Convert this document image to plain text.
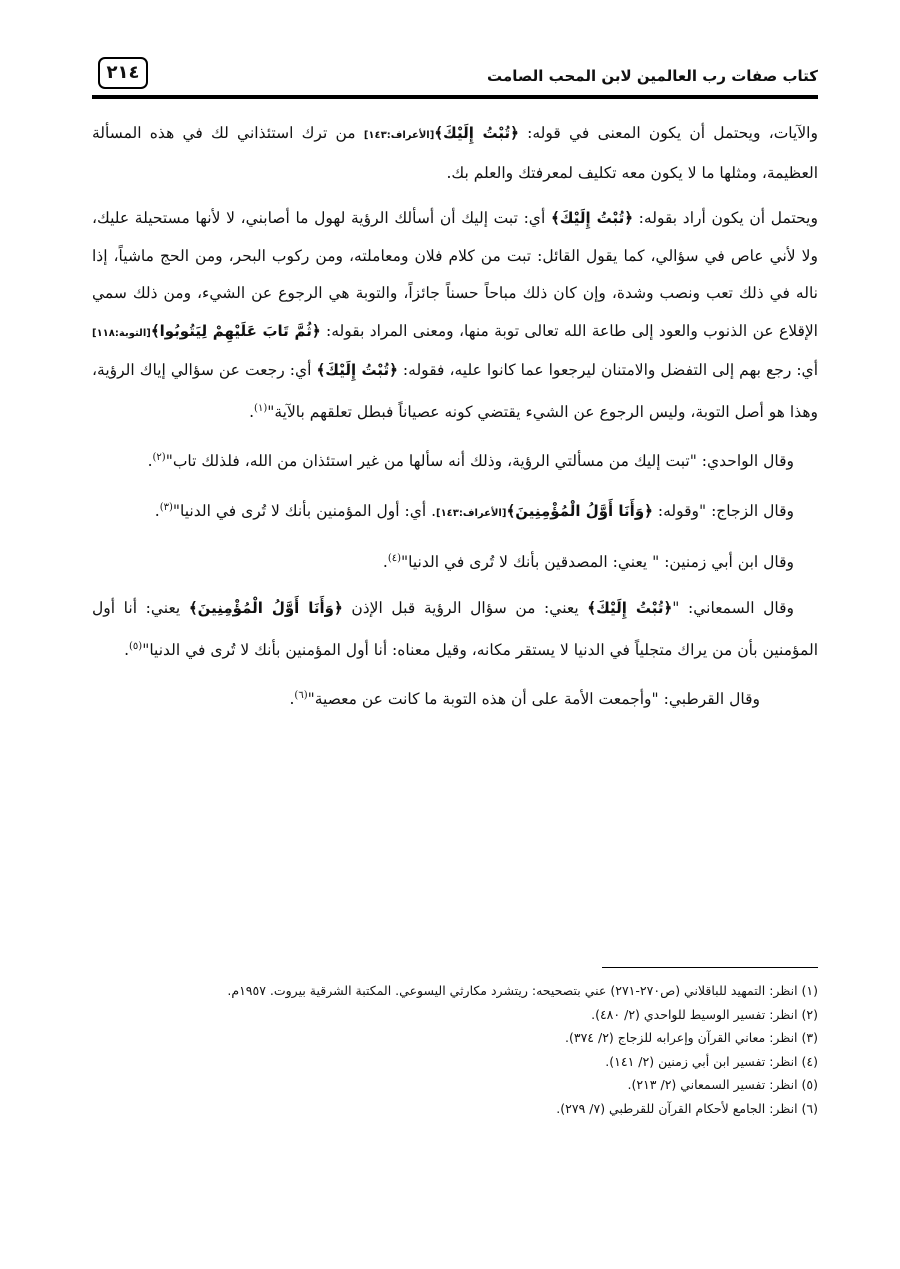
كتاب صفات رب العالمين لابن المحب الصامت
٢١٤

والآيات، ويحتمل أن يكون المعنى في قوله: ﴿تُبْتُ إِلَيْكَ﴾[الأعراف:١٤٣] من ترك استئذاني لك في هذه المسألة العظيمة، ومثلها ما لا يكون معه تكليف لمعرفتك والعلم بك.

ويحتمل أن يكون أراد بقوله: ﴿تُبْتُ إِلَيْكَ﴾ أي: تبت إليك أن أسألك الرؤية لهول ما أصابني، لا لأنها مستحيلة عليك، ولا لأني عاص في سؤالي، كما يقول القائل: تبت من كلام فلان ومعاملته، ومن ركوب البحر، ومن الحج ماشياً، إذا ناله في ذلك تعب ونصب وشدة، وإن كان ذلك مباحاً حسناً جائزاً، والتوبة هي الرجوع عن الشيء، ومن ذلك سمي الإقلاع عن الذنوب والعود إلى طاعة الله تعالى توبة منها، ومعنى المراد بقوله: ﴿ثُمَّ تَابَ عَلَيْهِمْ لِيَتُوبُوا﴾[التوبة:١١٨] أي: رجع بهم إلى التفضل والامتنان ليرجعوا عما كانوا عليه، فقوله: ﴿تُبْتُ إِلَيْكَ﴾ أي: رجعت عن سؤالي إياك الرؤية، وهذا هو أصل التوبة، وليس الرجوع عن الشيء يقتضي كونه عصياناً فبطل تعلقهم بالآية"$^{(١)}$.

وقال الواحدي: "تبت إليك من مسألتي الرؤية، وذلك أنه سألها من غير استئذان من الله، فلذلك تاب"$^{(٢)}$.

وقال الزجاج: "وقوله: ﴿وَأَنَا أَوَّلُ الْمُؤْمِنِينَ﴾[الأعراف:١٤٣]. أي: أول المؤمنين بأنك لا تُرى في الدنيا"$^{(٣)}$.

وقال ابن أبي زمنين: " يعني: المصدقين بأنك لا تُرى في الدنيا"$^{(٤)}$.

وقال السمعاني: "﴿تُبْتُ إِلَيْكَ﴾ يعني: من سؤال الرؤية قبل الإذن ﴿وَأَنَا أَوَّلُ الْمُؤْمِنِينَ﴾ يعني: أنا أول المؤمنين بأن من يراك متجلياً في الدنيا لا يستقر مكانه، وقيل معناه: أنا أول المؤمنين بأنك لا تُرى في الدنيا"$^{(٥)}$.

وقال القرطبي: "وأجمعت الأمة على أن هذه التوبة ما كانت عن معصية"$^{(٦)}$.

(١) انظر: التمهيد للباقلاني (ص٢٧٠-٢٧١) عني بتصحيحه: ريتشرد مكارثي اليسوعي. المكتبة الشرقية بيروت. ١٩٥٧م.

(٢) انظر: تفسير الوسيط للواحدي (٢/ ٤٨٠).

(٣) انظر: معاني القرآن وإعرابه للزجاج (٢/ ٣٧٤).

(٤) انظر: تفسير ابن أبي زمنين (٢/ ١٤١).

(٥) انظر: تفسير السمعاني (٢/ ٢١٣).

(٦) انظر: الجامع لأحكام القرآن للقرطبي (٧/ ٢٧٩).
